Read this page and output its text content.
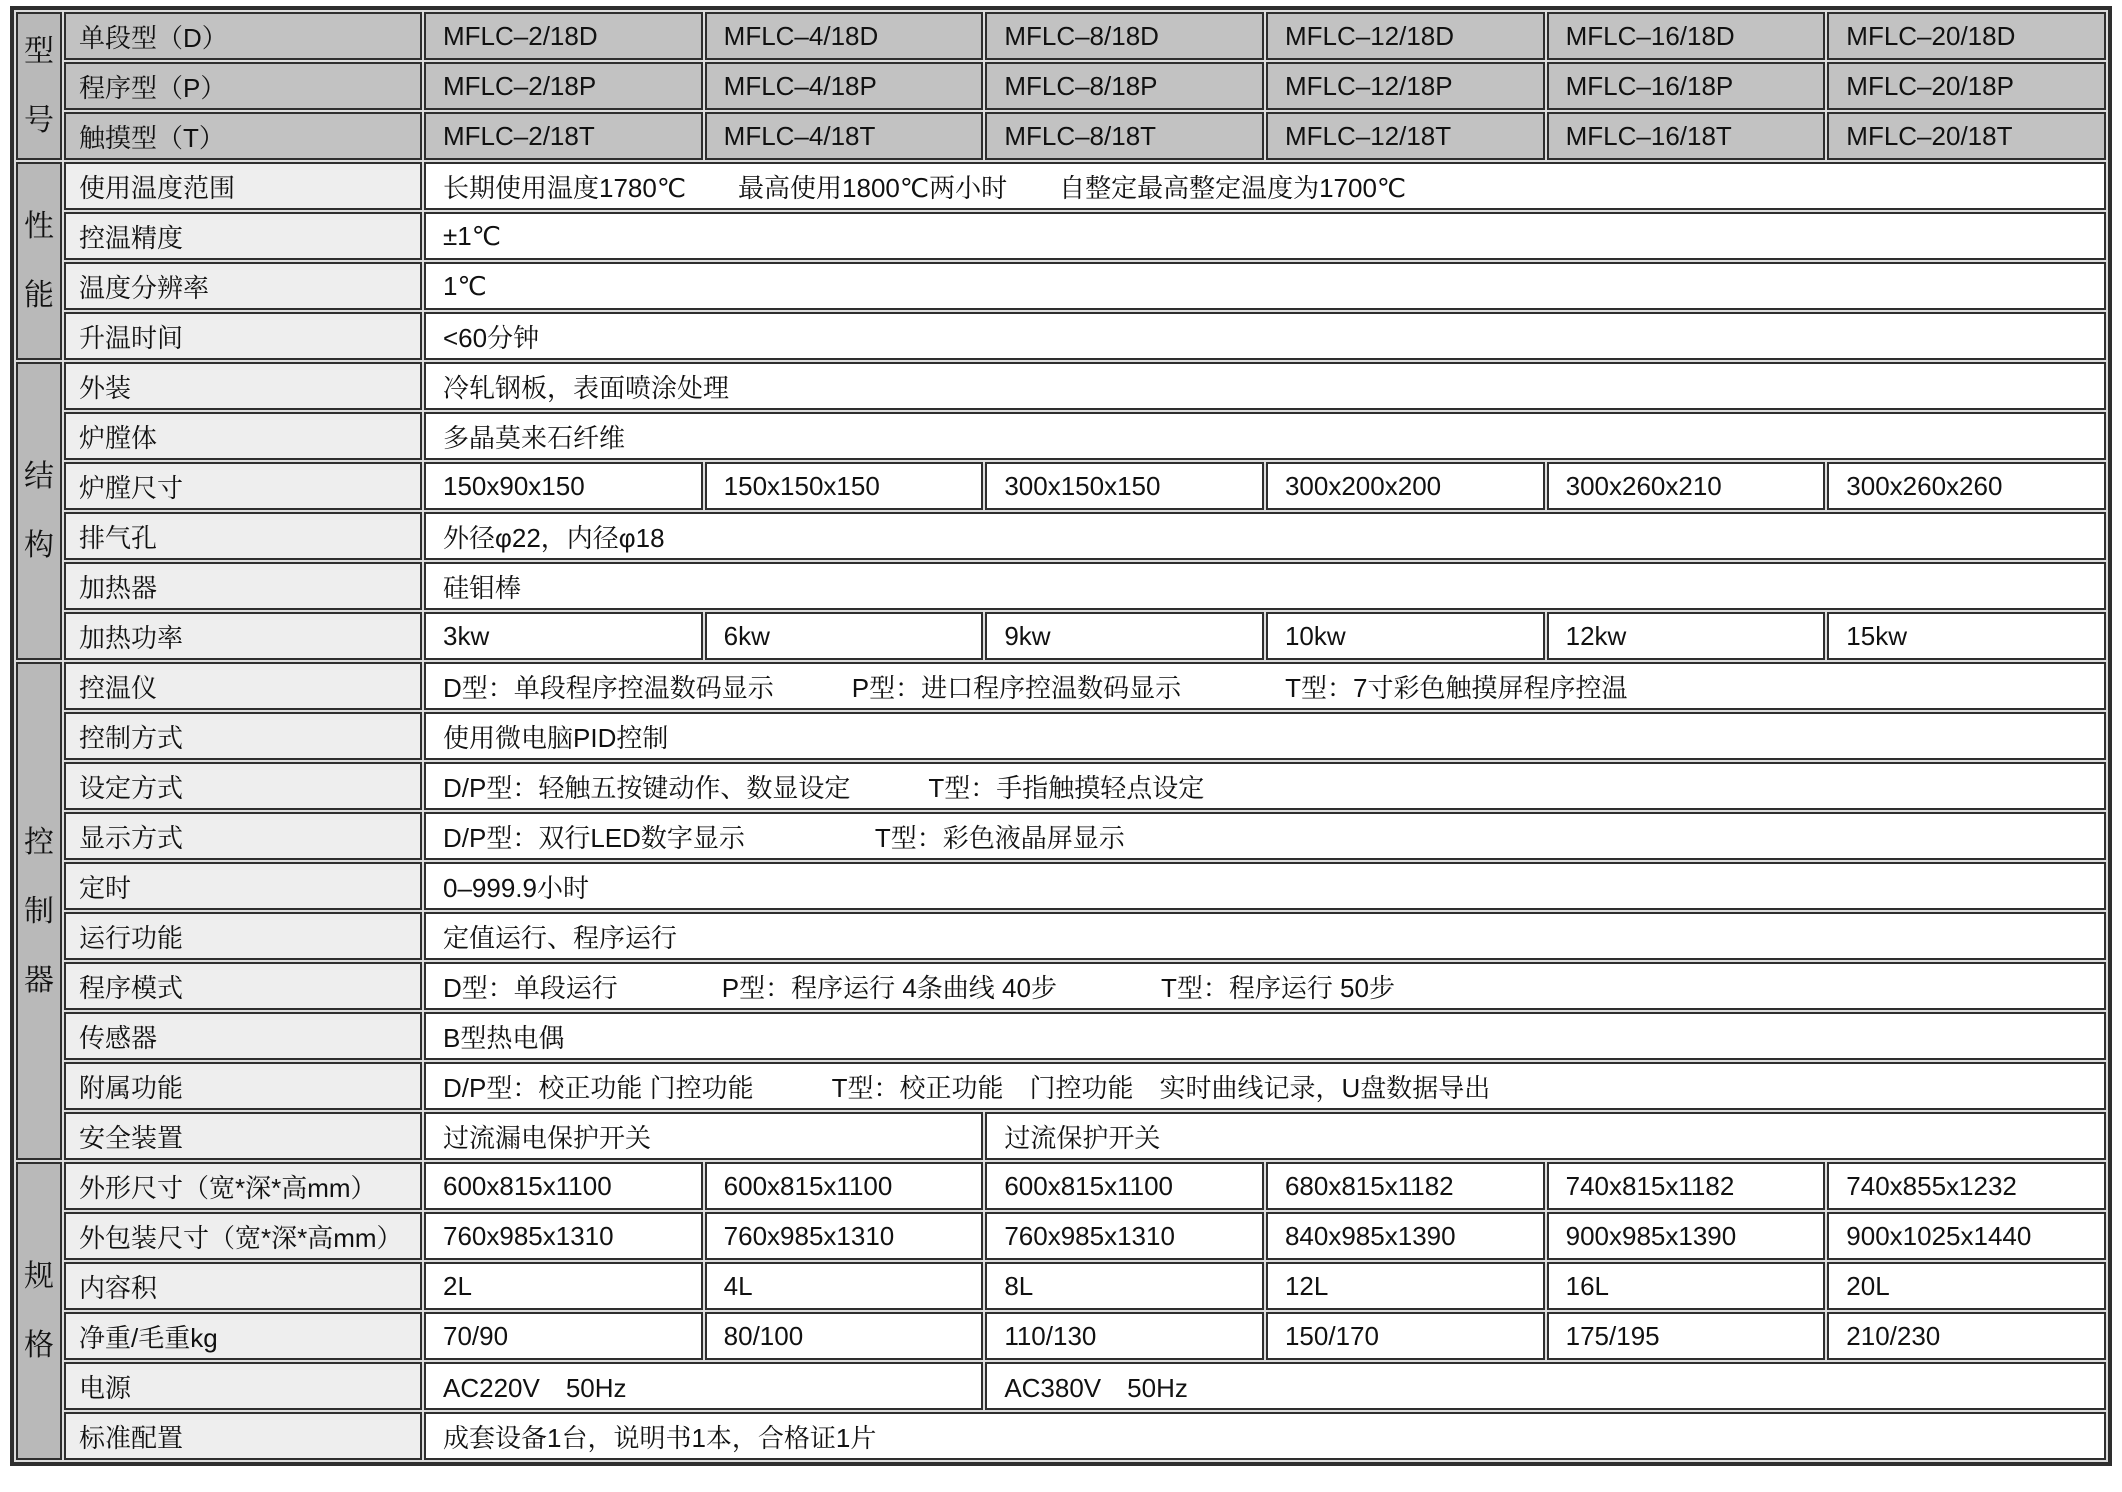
型号	单段型（D）	MFLC–2/18D	MFLC–4/18D	MFLC–8/18D	MFLC–12/18D	MFLC–16/18D	MFLC–20/18D
	程序型（P）	MFLC–2/18P	MFLC–4/18P	MFLC–8/18P	MFLC–12/18P	MFLC–16/18P	MFLC–20/18P
	触摸型（T）	MFLC–2/18T	MFLC–4/18T	MFLC–8/18T	MFLC–12/18T	MFLC–16/18T	MFLC–20/18T
性能	使用温度范围	长期使用温度1780℃　　最高使用1800℃两小时　　自整定最高整定温度为1700℃					
	控温精度	±1℃					
	温度分辨率	1℃					
	升温时间	<60分钟					
结构	外装	冷轧钢板，表面喷涂处理					
	炉膛体	多晶莫来石纤维					
	炉膛尺寸	150x90x150	150x150x150	300x150x150	300x200x200	300x260x210	300x260x260
	排气孔	外径φ22，内径φ18					
	加热器	硅钼棒					
	加热功率	3kw	6kw	9kw	10kw	12kw	15kw
控制器	控温仪	D型：单段程序控温数码显示　　　P型：进口程序控温数码显示　　　　T型：7寸彩色触摸屏程序控温					
	控制方式	使用微电脑PID控制					
	设定方式	D/P型：轻触五按键动作、数显设定　　　T型：手指触摸轻点设定					
	显示方式	D/P型：双行LED数字显示　　　　　T型：彩色液晶屏显示					
	定时	0–999.9小时					
	运行功能	定值运行、程序运行					
	程序模式	D型：单段运行　　　　P型：程序运行 4条曲线 40步　　　　T型：程序运行 50步					
	传感器	B型热电偶					
	附属功能	D/P型：校正功能 门控功能　　　T型：校正功能　门控功能　实时曲线记录，U盘数据导出					
	安全装置	过流漏电保护开关		过流保护开关			
规格	外形尺寸（宽*深*高mm）	600x815x1100	600x815x1100	600x815x1100	680x815x1182	740x815x1182	740x855x1232
	外包装尺寸（宽*深*高mm）	760x985x1310	760x985x1310	760x985x1310	840x985x1390	900x985x1390	900x1025x1440
	内容积	2L	4L	8L	12L	16L	20L
	净重/毛重kg	70/90	80/100	110/130	150/170	175/195	210/230
	电源	AC220V　50Hz		AC380V　50Hz			
	标准配置	成套设备1台，说明书1本，合格证1片					
